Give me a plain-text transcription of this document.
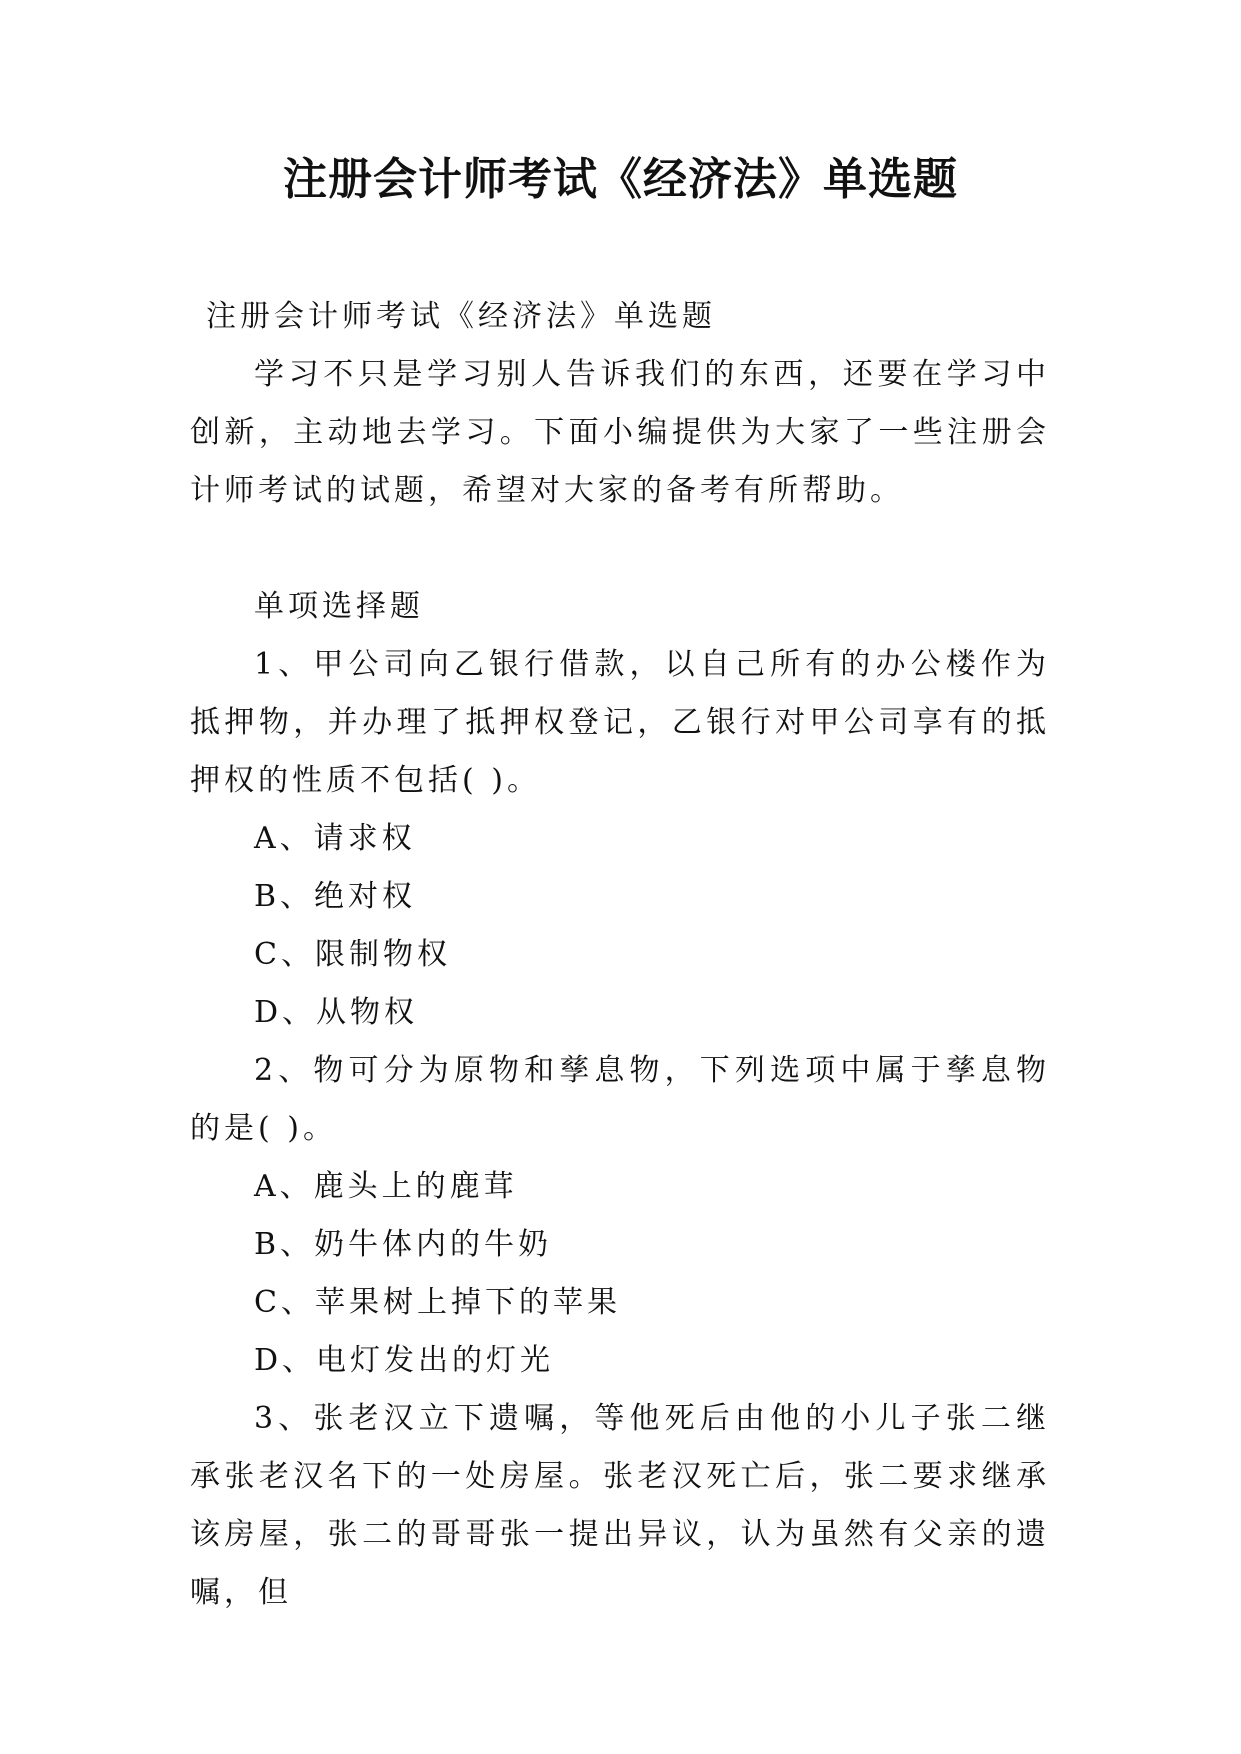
注册会计师考试《经济法》单选题

注册会计师考试《经济法》单选题

学习不只是学习别人告诉我们的东西，还要在学习中创新，主动地去学习。下面小编提供为大家了一些注册会计师考试的试题，希望对大家的备考有所帮助。

单项选择题

1、甲公司向乙银行借款，以自己所有的办公楼作为抵押物，并办理了抵押权登记，乙银行对甲公司享有的抵押权的性质不包括( )。

A、请求权

B、绝对权

C、限制物权

D、从物权

2、物可分为原物和孳息物，下列选项中属于孳息物的是( )。

A、鹿头上的鹿茸

B、奶牛体内的牛奶

C、苹果树上掉下的苹果

D、电灯发出的灯光

3、张老汉立下遗嘱，等他死后由他的小儿子张二继承张老汉名下的一处房屋。张老汉死亡后，张二要求继承该房屋，张二的哥哥张一提出异议，认为虽然有父亲的遗嘱，但
